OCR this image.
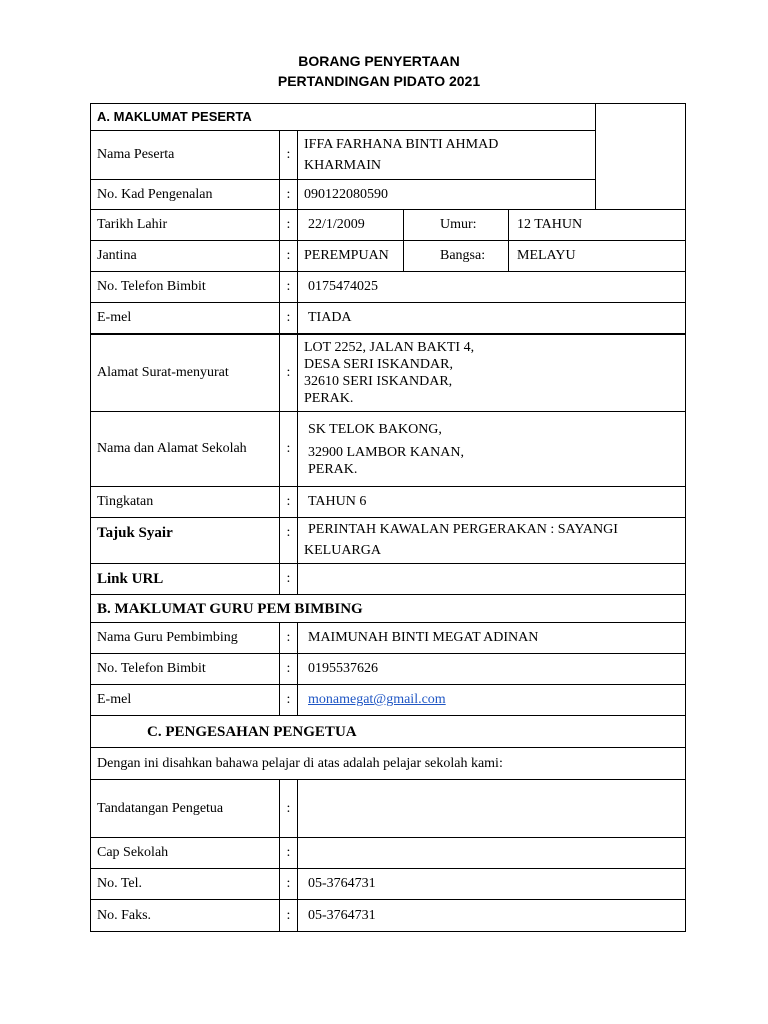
BORANG PENYERTAAN
PERTANDINGAN PIDATO 2021
A. MAKLUMAT PESERTA
Nama Peserta	:
IFFA FARHANA BINTI AHMAD
KHARMAIN
No. Kad Pengenalan	: 090122080590
Tarikh Lahir	:	22/1/2009	Umur:	12 TAHUN
Jantina	: PEREMPUAN	Bangsa:	MELAYU
No. Telefon Bimbit	:	0175474025
E-mel	:	TIADA
Alamat Surat-menyurat	:
LOT 2252, JALAN BAKTI 4,
DESA SERI ISKANDAR,
32610 SERI ISKANDAR,
PERAK.
Nama dan Alamat Sekolah	:
SK TELOK BAKONG,
32900 LAMBOR KANAN,
PERAK.
Tingkatan	:	TAHUN 6
Tajuk Syair	:	PERINTAH KAWALAN PERGERAKAN : SAYANGI
KELUARGA
Link URL	:
B. MAKLUMAT GURU PEM BIMBING
Nama Guru Pembimbing	:	MAIMUNAH BINTI MEGAT ADINAN
No. Telefon Bimbit	:	0195537626
E-mel	:	monamegat@gmail.com
C. PENGESAHAN PENGETUA
Dengan ini disahkan bahawa pelajar di atas adalah pelajar sekolah kami:
Tandatangan Pengetua	:
Cap Sekolah	:
No. Tel.	:	05-3764731
No. Faks.	:	05-3764731
